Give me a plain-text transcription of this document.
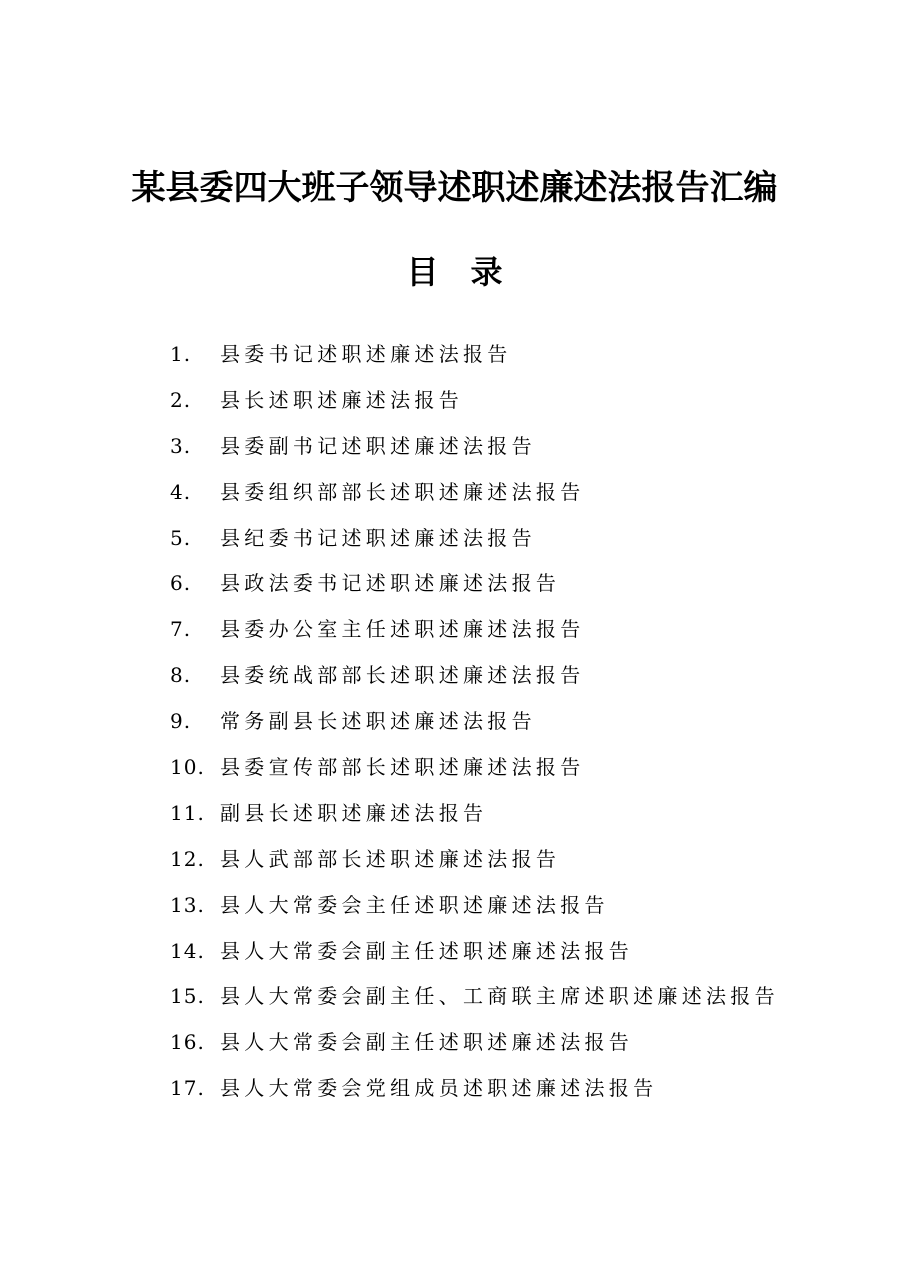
某县委四大班子领导述职述廉述法报告汇编
目　录
1.	县委书记述职述廉述法报告
2.	县长述职述廉述法报告
3.	县委副书记述职述廉述法报告
4.	县委组织部部长述职述廉述法报告
5.	县纪委书记述职述廉述法报告
6.	县政法委书记述职述廉述法报告
7.	县委办公室主任述职述廉述法报告
8.	县委统战部部长述职述廉述法报告
9.	常务副县长述职述廉述法报告
10. 县委宣传部部长述职述廉述法报告
11. 副县长述职述廉述法报告
12. 县人武部部长述职述廉述法报告
13. 县人大常委会主任述职述廉述法报告
14. 县人大常委会副主任述职述廉述法报告
15. 县人大常委会副主任、工商联主席述职述廉述法报告
16. 县人大常委会副主任述职述廉述法报告
17. 县人大常委会党组成员述职述廉述法报告
